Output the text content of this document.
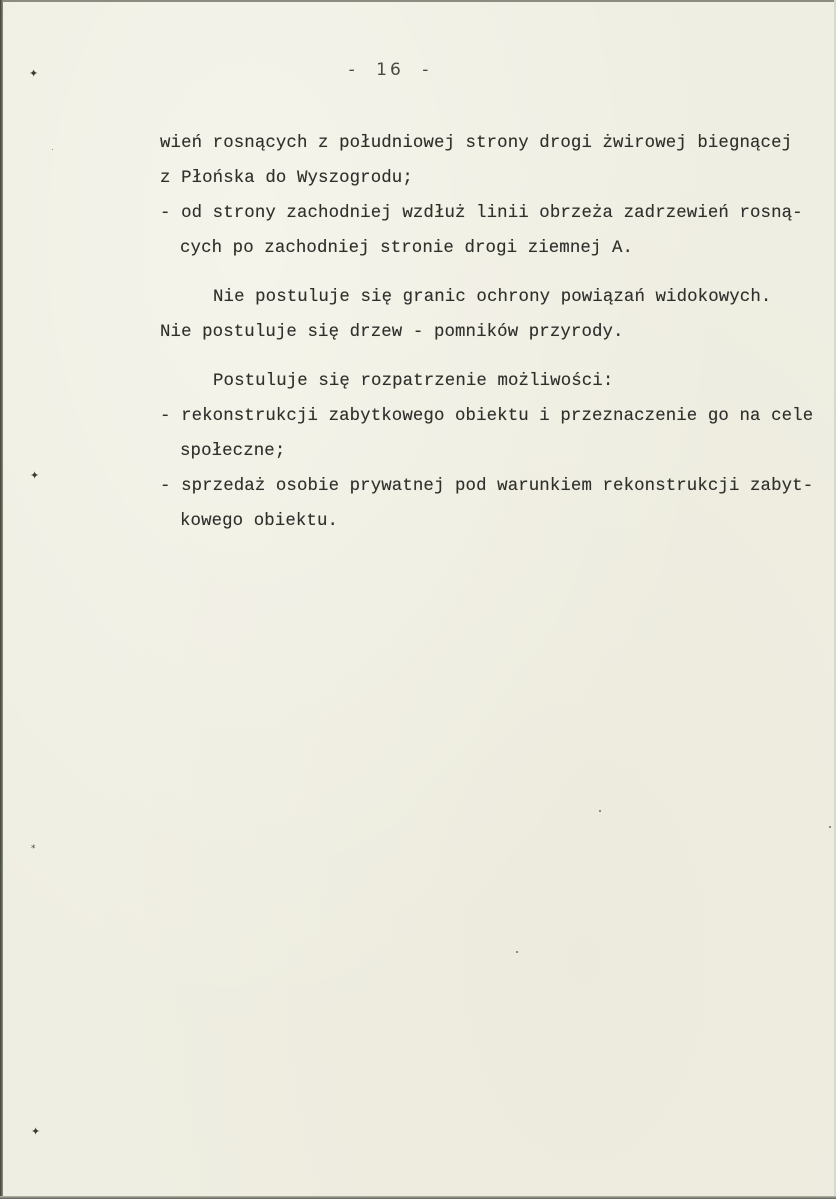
✦
✦
⁎
✦
- 16 -
wień rosnących z południowej strony drogi żwirowej biegnącej
z Płońska do Wyszogrodu;
- od strony zachodniej wzdłuż linii obrzeża zadrzewień rosną-
cych po zachodniej stronie drogi ziemnej A.
Nie postuluje się granic ochrony powiązań widokowych.
Nie postuluje się drzew - pomników przyrody.
Postuluje się rozpatrzenie możliwości:
- rekonstrukcji zabytkowego obiektu i przeznaczenie go na cele
społeczne;
- sprzedaż osobie prywatnej pod warunkiem rekonstrukcji zabyt-
kowego obiektu.
